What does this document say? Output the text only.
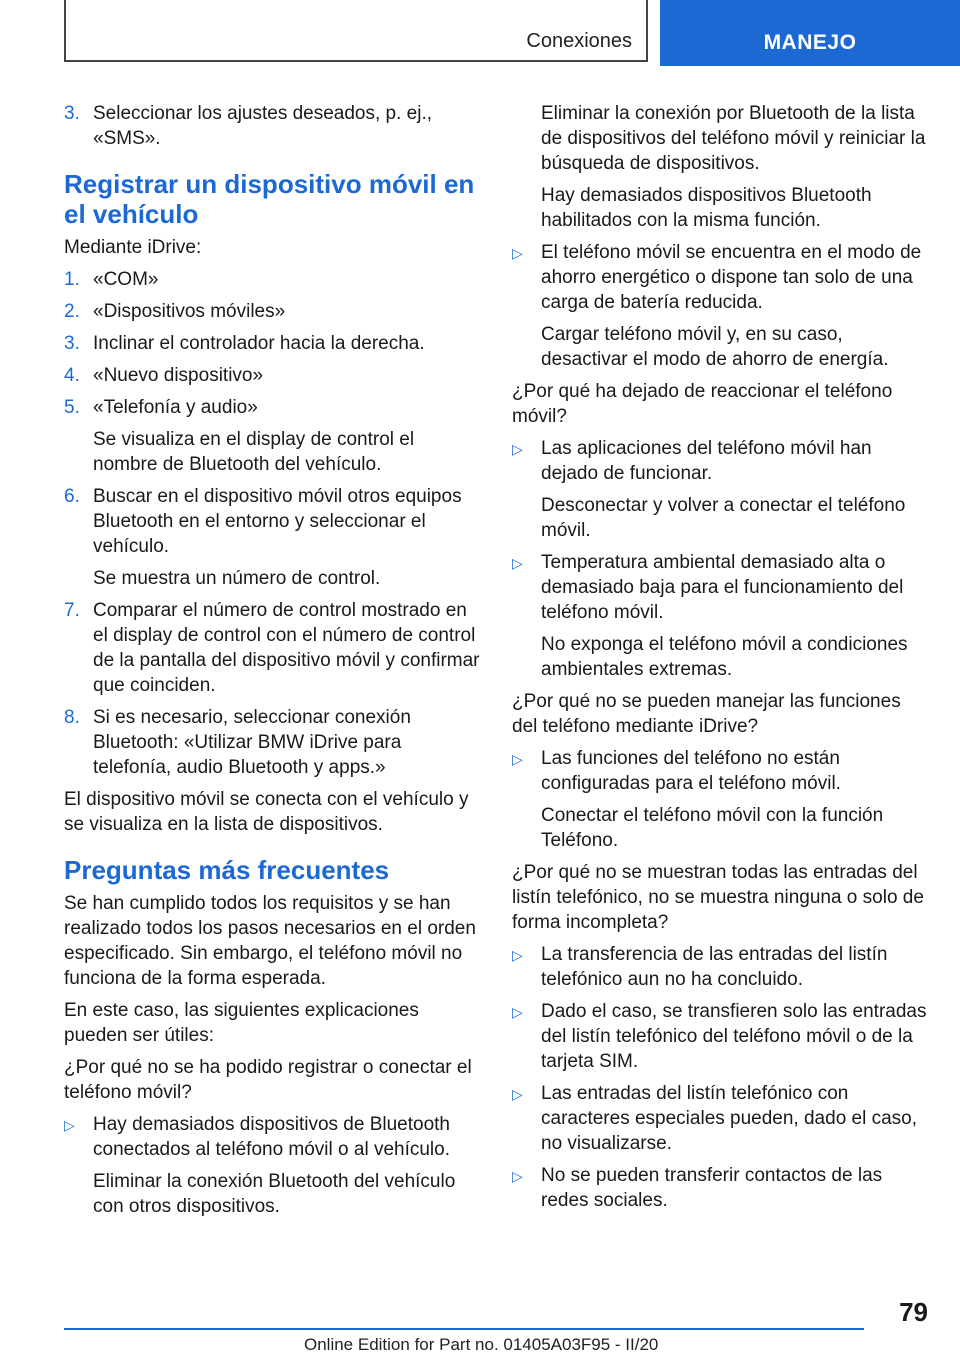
Conexiones	MANEJO
3. Seleccionar los ajustes deseados, p. ej., «SMS».
Registrar un dispositivo móvil en el vehículo

Mediante iDrive:

1. «COM»
2. «Dispositivos móviles»
3. Inclinar el controlador hacia la derecha.
4. «Nuevo dispositivo»
5. «Telefonía y audio»
Se visualiza en el display de control el nombre de Bluetooth del vehículo.
6. Buscar en el dispositivo móvil otros equipos Bluetooth en el entorno y seleccionar el vehículo.
Se muestra un número de control.
7. Comparar el número de control mostrado en el display de control con el número de control de la pantalla del dispositivo móvil y confirmar que coinciden.
8. Si es necesario, seleccionar conexión Bluetooth: «Utilizar BMW iDrive para telefonía, audio Bluetooth y apps.»

El dispositivo móvil se conecta con el vehículo y se visualiza en la lista de dispositivos.

Preguntas más frecuentes

Se han cumplido todos los requisitos y se han realizado todos los pasos necesarios en el orden especificado. Sin embargo, el teléfono móvil no funciona de la forma esperada.

En este caso, las siguientes explicaciones pueden ser útiles:

¿Por qué no se ha podido registrar o conectar el teléfono móvil?

▷ Hay demasiados dispositivos de Bluetooth conectados al teléfono móvil o al vehículo.
Eliminar la conexión Bluetooth del vehículo con otros dispositivos.
Eliminar la conexión por Bluetooth de la lista de dispositivos del teléfono móvil y reiniciar la búsqueda de dispositivos.
Hay demasiados dispositivos Bluetooth habilitados con la misma función.
▷ El teléfono móvil se encuentra en el modo de ahorro energético o dispone tan solo de una carga de batería reducida.
Cargar teléfono móvil y, en su caso, desactivar el modo de ahorro de energía.

¿Por qué ha dejado de reaccionar el teléfono móvil?

▷ Las aplicaciones del teléfono móvil han dejado de funcionar.
Desconectar y volver a conectar el teléfono móvil.
▷ Temperatura ambiental demasiado alta o demasiado baja para el funcionamiento del teléfono móvil.
No exponga el teléfono móvil a condiciones ambientales extremas.

¿Por qué no se pueden manejar las funciones del teléfono mediante iDrive?

▷ Las funciones del teléfono no están configuradas para el teléfono móvil.
Conectar el teléfono móvil con la función Teléfono.

¿Por qué no se muestran todas las entradas del listín telefónico, no se muestra ninguna o solo de forma incompleta?

▷ La transferencia de las entradas del listín telefónico aun no ha concluido.
▷ Dado el caso, se transfieren solo las entradas del listín telefónico del teléfono móvil o de la tarjeta SIM.
▷ Las entradas del listín telefónico con caracteres especiales pueden, dado el caso, no visualizarse.
▷ No se pueden transferir contactos de las redes sociales.
79
Online Edition for Part no. 01405A03F95 - II/20
